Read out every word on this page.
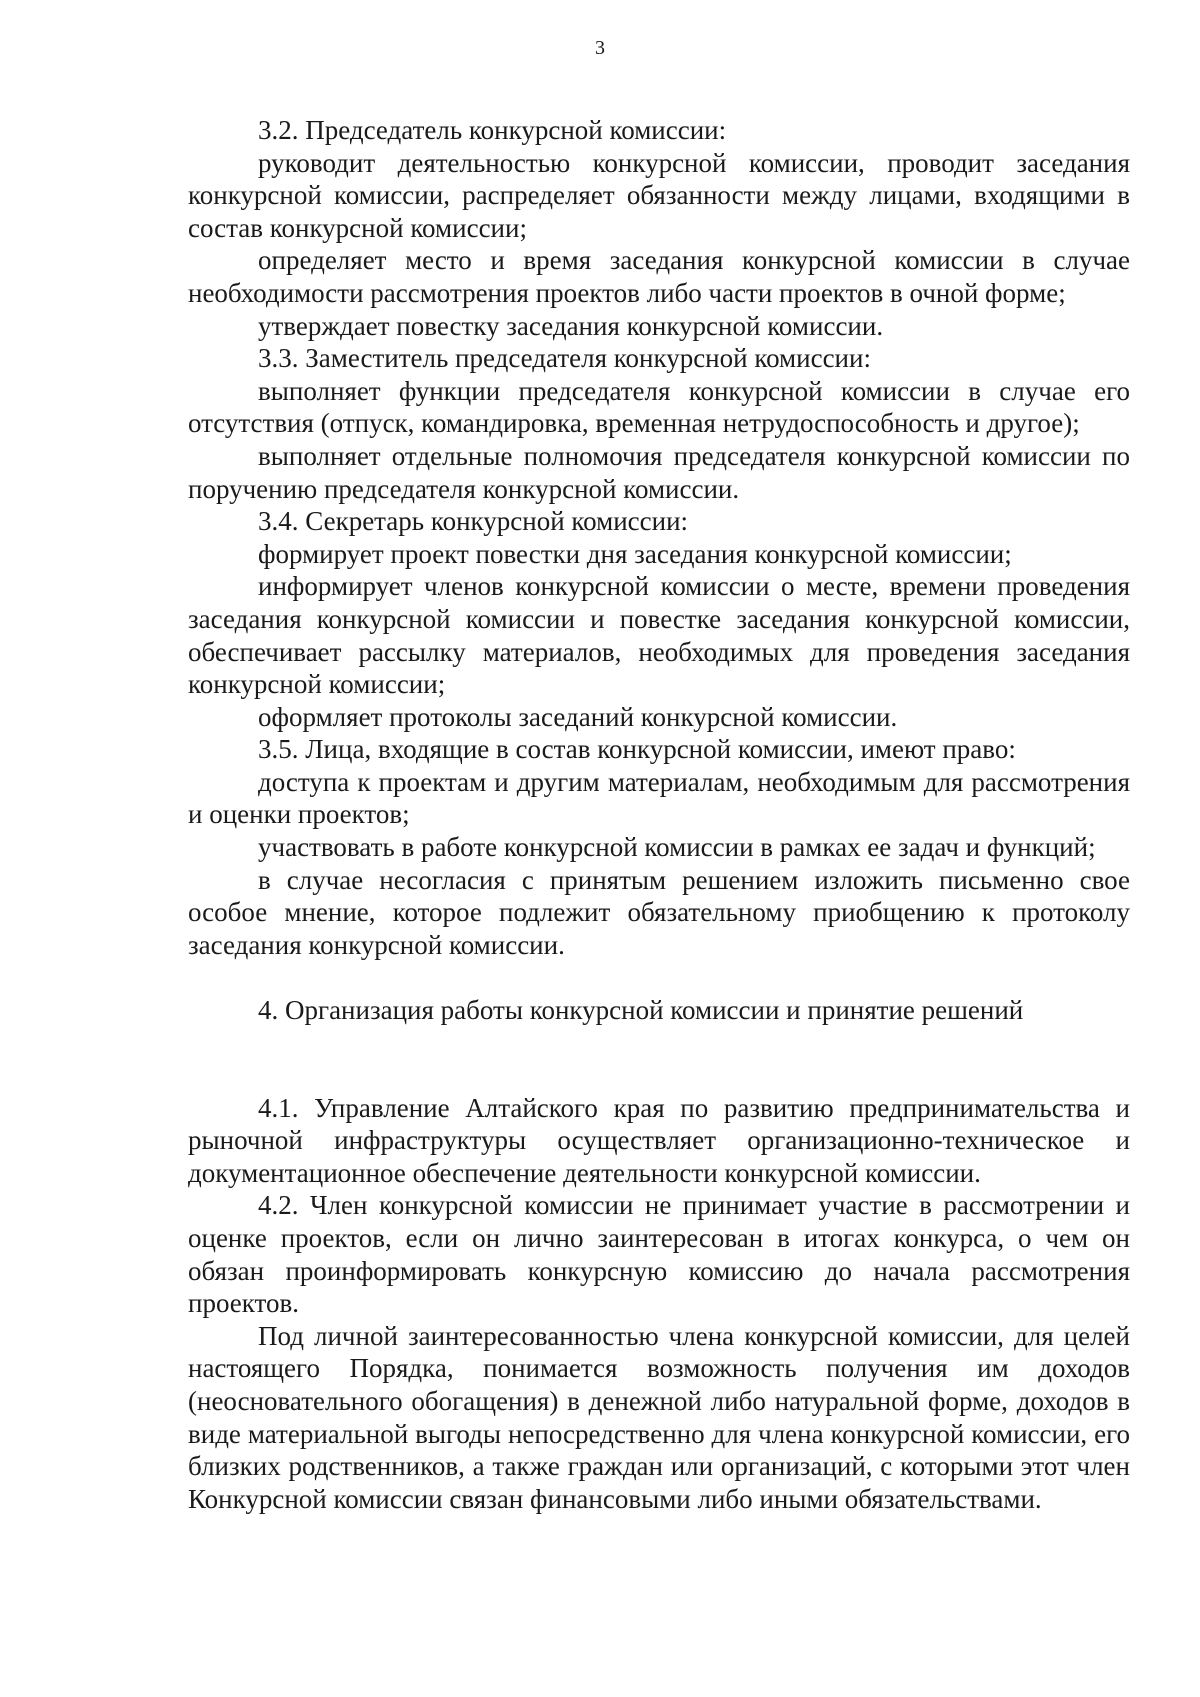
3

3.2. Председатель конкурсной комиссии:

руководит деятельностью конкурсной комиссии, проводит заседания конкурсной комиссии, распределяет обязанности между лицами, входящими в состав конкурсной комиссии;

определяет место и время заседания конкурсной комиссии в случае необходимости рассмотрения проектов либо части проектов в очной форме;

утверждает повестку заседания конкурсной комиссии.

3.3. Заместитель председателя конкурсной комиссии:

выполняет функции председателя конкурсной комиссии в случае его отсутствия (отпуск, командировка, временная нетрудоспособность и другое);

выполняет отдельные полномочия председателя конкурсной комиссии по поручению председателя конкурсной комиссии.

3.4. Секретарь конкурсной комиссии:

формирует проект повестки дня заседания конкурсной комиссии;

информирует членов конкурсной комиссии о месте, времени проведения заседания конкурсной комиссии и повестке заседания конкурсной комиссии, обеспечивает рассылку материалов, необходимых для проведения заседания конкурсной комиссии;

оформляет протоколы заседаний конкурсной комиссии.

3.5. Лица, входящие в состав конкурсной комиссии, имеют право:

доступа к проектам и другим материалам, необходимым для рассмотрения и оценки проектов;

участвовать в работе конкурсной комиссии в рамках ее задач и функций;

в случае несогласия с принятым решением изложить письменно свое особое мнение, которое подлежит обязательному приобщению к протоколу заседания конкурсной комиссии.

4. Организация работы конкурсной комиссии и принятие решений

4.1. Управление Алтайского края по развитию предпринимательства и рыночной инфраструктуры осуществляет организационно-техническое и документационное обеспечение деятельности конкурсной комиссии.

4.2. Член конкурсной комиссии не принимает участие в рассмотрении и оценке проектов, если он лично заинтересован в итогах конкурса, о чем он обязан проинформировать конкурсную комиссию до начала рассмотрения проектов.

Под личной заинтересованностью члена конкурсной комиссии, для целей настоящего Порядка, понимается возможность получения им доходов (неосновательного обогащения) в денежной либо натуральной форме, доходов в виде материальной выгоды непосредственно для члена конкурсной комиссии, его близких родственников, а также граждан или организаций, с которыми этот член Конкурсной комиссии связан финансовыми либо иными обязательствами.
